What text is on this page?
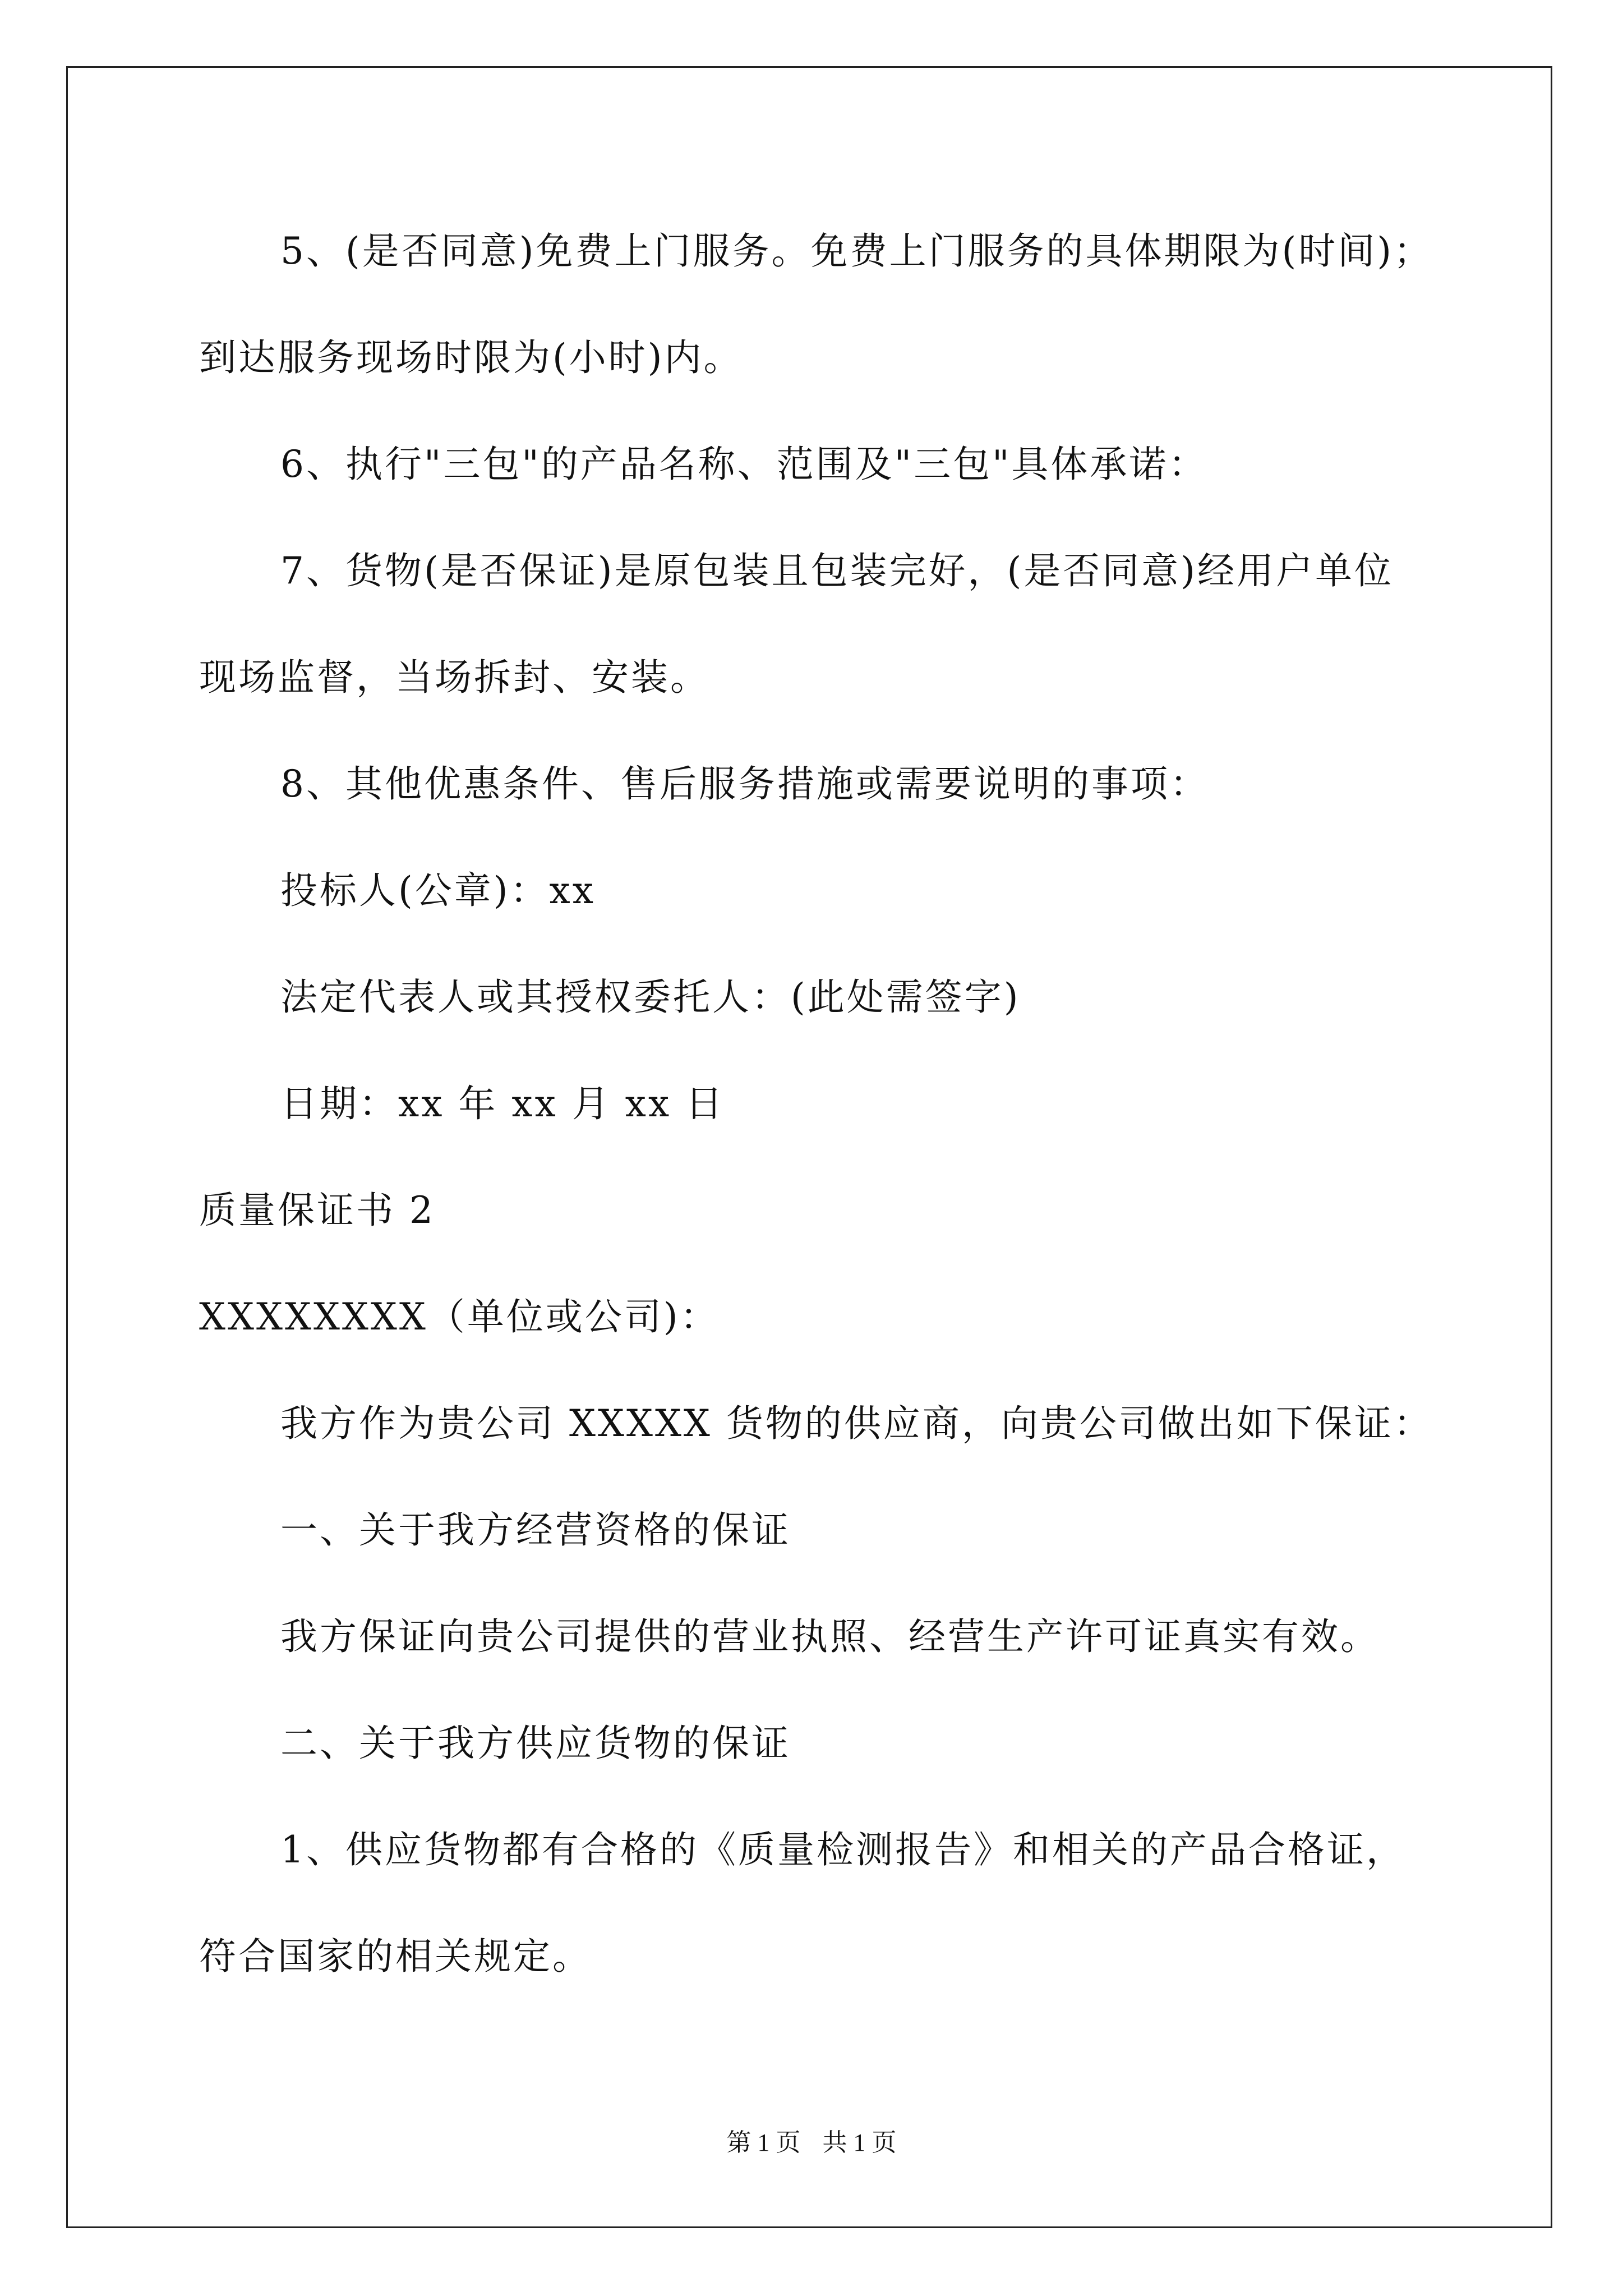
5、(是否同意)免费上门服务。免费上门服务的具体期限为(时间)；
到达服务现场时限为(小时)内。
6、执行"三包"的产品名称、范围及"三包"具体承诺：
7、货物(是否保证)是原包装且包装完好，(是否同意)经用户单位
现场监督，当场拆封、安装。
8、其他优惠条件、售后服务措施或需要说明的事项：
投标人(公章)：xx
法定代表人或其授权委托人：(此处需签字)
日期：xx 年 xx 月 xx 日
质量保证书 2
XXXXXXXX（单位或公司)：
我方作为贵公司 XXXXX 货物的供应商，向贵公司做出如下保证：
一、关于我方经营资格的保证
我方保证向贵公司提供的营业执照、经营生产许可证真实有效。
二、关于我方供应货物的保证
1、供应货物都有合格的《质量检测报告》和相关的产品合格证，
符合国家的相关规定。
第 1 页 共 1 页
